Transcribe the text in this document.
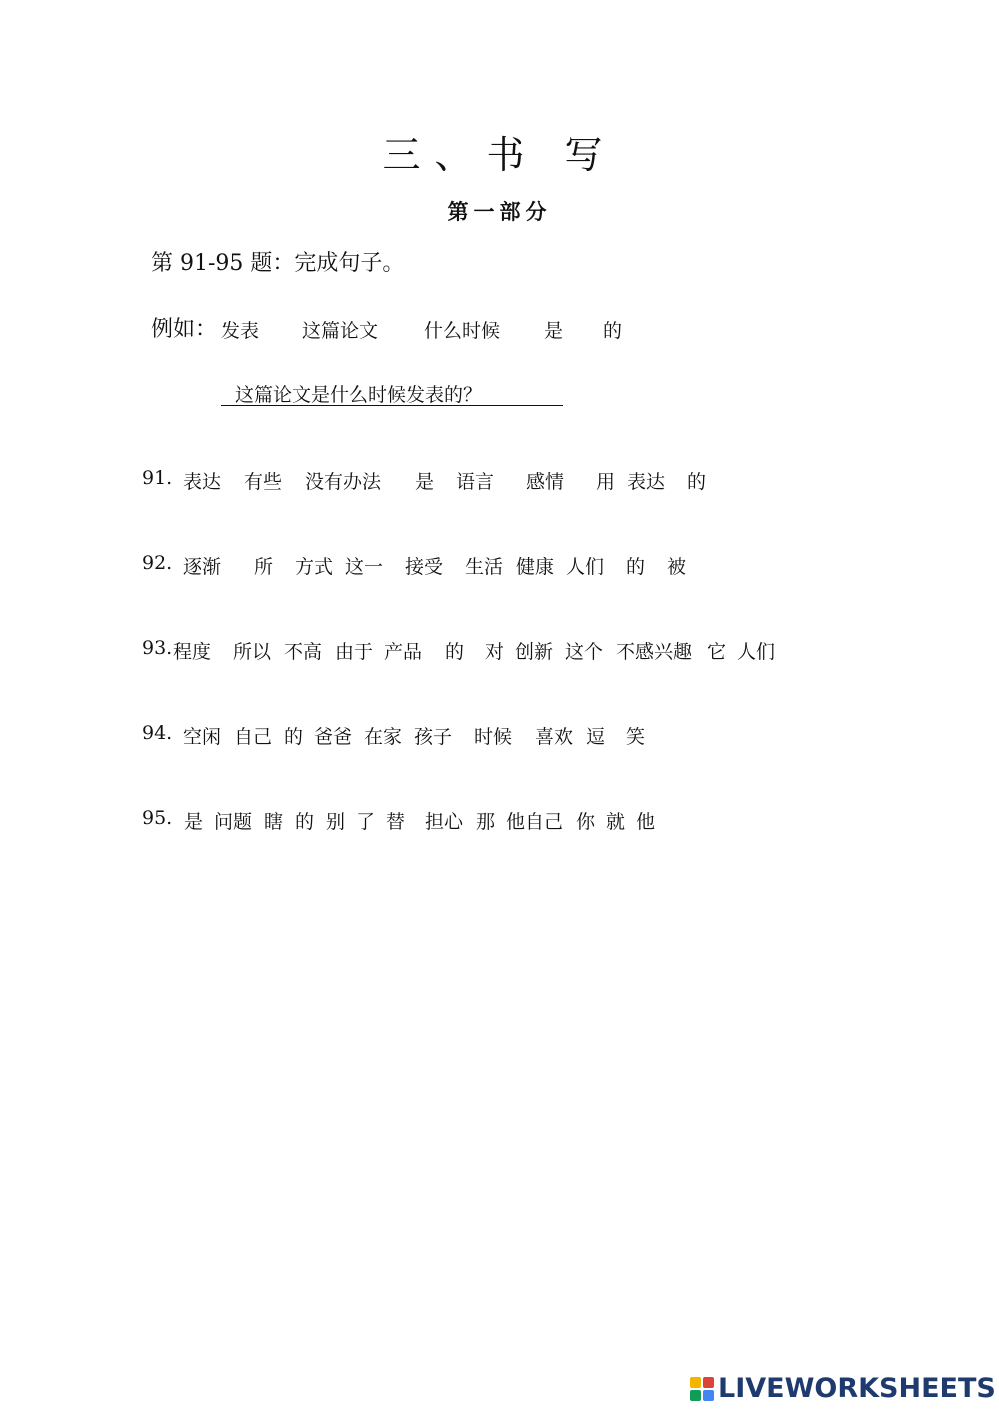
三、书 写
第一部分

第 91-95 题：完成句子。

例如： 发表 这篇论文 什么时候 是 的
这篇论文是什么时候发表的？
91. 表达 有些 没有办法 是 语言 感情 用 表达 的
92. 逐渐 所 方式 这一 接受 生活 健康 人们 的 被
93. 程度 所以 不高 由于 产品 的 对 创新 这个 不感兴趣 它 人们
94. 空闲 自己 的 爸爸 在家 孩子 时候 喜欢 逗 笑
95. 是 问题 瞎 的 别 了 替 担心 那 他自己 你 就 他
LIVEWORKSHEETS
